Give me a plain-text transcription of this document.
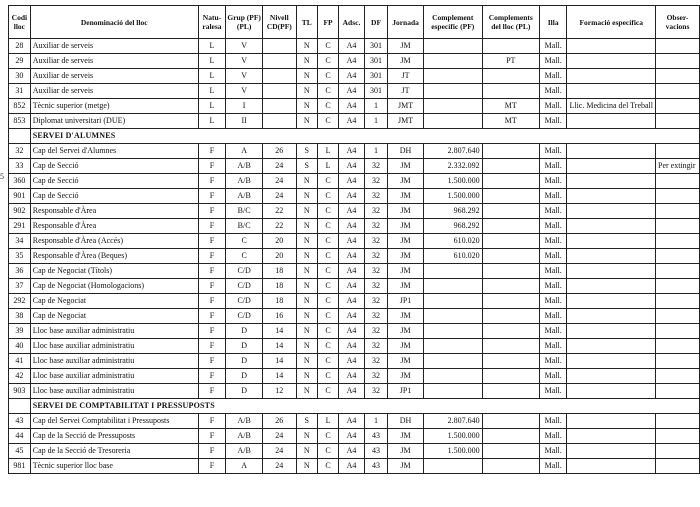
5
Codi lloc	Denominació del lloc	Natu- ralesa	Grup (PF)(PL)	Nivell CD(PF)	TL	FP	Adsc.	DF	Jornada	Complement específic (PF)	Complements del lloc (PL)	Illa	Formació específica	Obser- vacions
28	Auxiliar de serveis	L	V		N	C	A4	301	JM			Mall.		
29	Auxiliar de serveis	L	V		N	C	A4	301	JM		PT	Mall.		
30	Auxiliar de serveis	L	V		N	C	A4	301	JT			Mall.		
31	Auxiliar de serveis	L	V		N	C	A4	301	JT			Mall.		
852	Tècnic superior (metge)	L	I		N	C	A4	1	JMT		MT	Mall.	Llic. Medicina del Treball	
853	Diplomat universitari (DUE)	L	II		N	C	A4	1	JMT		MT	Mall.		
	SERVEI D'ALUMNES													
32	Cap del Servei d'Alumnes	F	A	26	S	L	A4	1	DH	2.807.640		Mall.		
33	Cap de Secció	F	A/B	24	S	L	A4	32	JM	2.332.092		Mall.		Per extingir
360	Cap de Secció	F	A/B	24	N	C	A4	32	JM	1.500.000		Mall.		
901	Cap de Secció	F	A/B	24	N	C	A4	32	JM	1.500.000		Mall.		
902	Responsable d'Àrea	F	B/C	22	N	C	A4	32	JM	968.292		Mall.		
291	Responsable d'Àrea	F	B/C	22	N	C	A4	32	JM	968.292		Mall.		
34	Responsable d'Àrea (Accés)	F	C	20	N	C	A4	32	JM	610.020		Mall.		
35	Responsable d'Àrea (Beques)	F	C	20	N	C	A4	32	JM	610.020		Mall.		
36	Cap de Negociat (Títols)	F	C/D	18	N	C	A4	32	JM			Mall.		
37	Cap de Negociat (Homologacions)	F	C/D	18	N	C	A4	32	JM			Mall.		
292	Cap de Negociat	F	C/D	18	N	C	A4	32	JP1			Mall.		
38	Cap de Negociat	F	C/D	16	N	C	A4	32	JM			Mall.		
39	Lloc base auxiliar administratiu	F	D	14	N	C	A4	32	JM			Mall.		
40	Lloc base auxiliar administratiu	F	D	14	N	C	A4	32	JM			Mall.		
41	Lloc base auxiliar administratiu	F	D	14	N	C	A4	32	JM			Mall.		
42	Lloc base auxiliar administratiu	F	D	14	N	C	A4	32	JM			Mall.		
903	Lloc base auxiliar administratiu	F	D	12	N	C	A4	32	JP1			Mall.		
	SERVEI DE COMPTABILITAT I PRESSUPOSTS													
43	Cap del Servei Comptabilitat i Pressuposts	F	A/B	26	S	L	A4	1	DH	2.807.640		Mall.		
44	Cap de la Secció de Pressuposts	F	A/B	24	N	C	A4	43	JM	1.500.000		Mall.		
45	Cap de la Secció de Tresoreria	F	A/B	24	N	C	A4	43	JM	1.500.000		Mall.		
981	Tècnic superior lloc base	F	A	24	N	C	A4	43	JM			Mall.		
